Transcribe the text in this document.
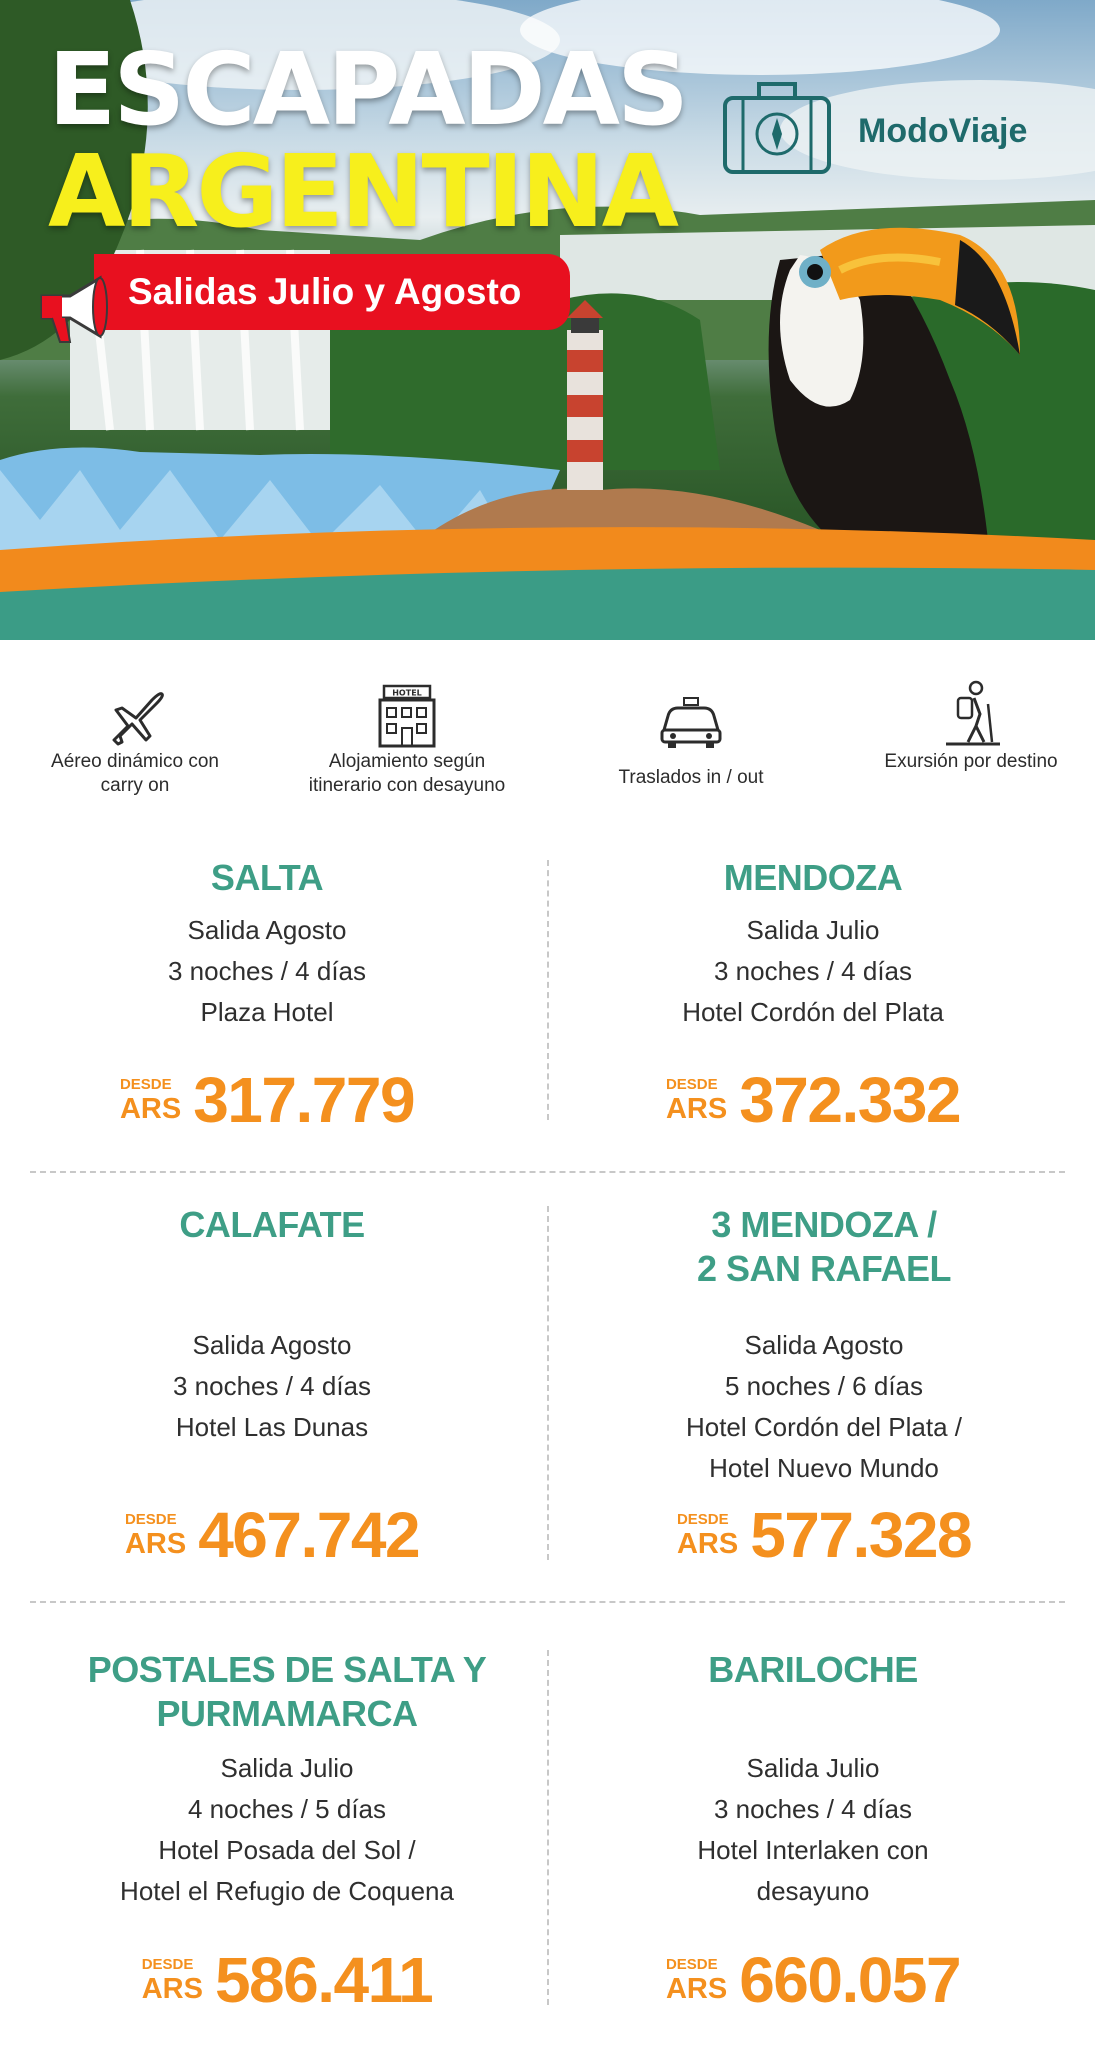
ESCAPADAS
ARGENTINA
Salidas Julio y Agosto
ModoViaje
Aéreo dinámico con
carry on
HOTEL
Alojamiento según
itinerario con desayuno	Traslados in / out
Exursión por destino
SALTA
Salida Agosto
3 noches / 4 días
Plaza Hotel
DESDE
ARS 317.779
MENDOZA
Salida Julio
3 noches / 4 días
Hotel Cordón del Plata
DESDE
ARS 372.332
CALAFATE
Salida Agosto
3 noches / 4 días
Hotel Las Dunas
DESDE
ARS 467.742
3 MENDOZA /
2 SAN RAFAEL
Salida Agosto
5 noches / 6 días
Hotel Cordón del Plata /
Hotel Nuevo Mundo
DESDE
ARS 577.328
POSTALES DE SALTA Y
PURMAMARCA
Salida Julio
4 noches / 5 días
Hotel Posada del Sol /
Hotel el Refugio de Coquena
DESDE
ARS 586.411
BARILOCHE
Salida Julio
3 noches / 4 días
Hotel Interlaken con
desayuno
DESDE
ARS 660.057
